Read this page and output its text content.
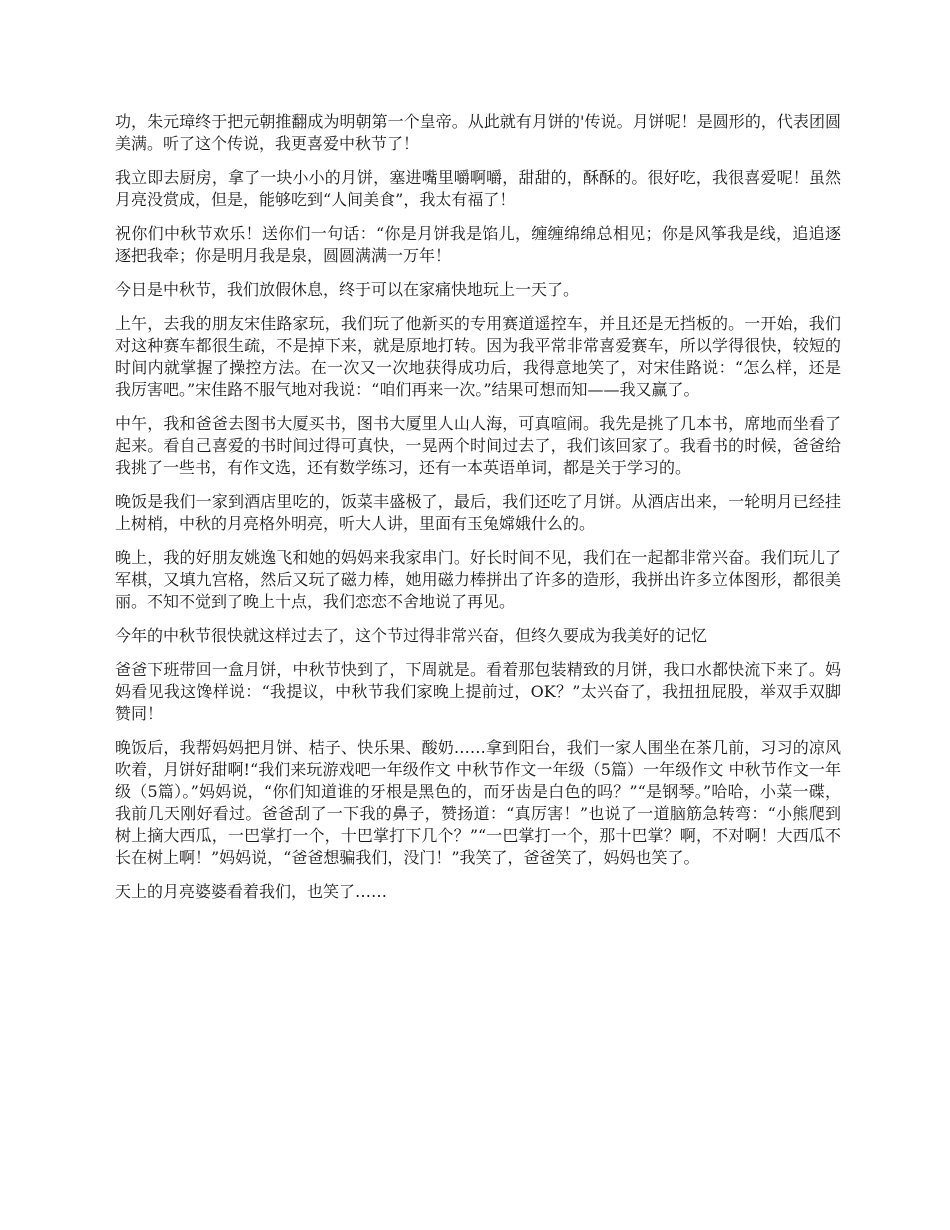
功，朱元璋终于把元朝推翻成为明朝第一个皇帝。从此就有月饼的'传说。月饼呢！是圆形的，代表团圆美满。听了这个传说，我更喜爱中秋节了！

我立即去厨房，拿了一块小小的月饼，塞进嘴里嚼啊嚼，甜甜的，酥酥的。很好吃，我很喜爱呢！虽然月亮没赏成，但是，能够吃到“人间美食”，我太有福了！

祝你们中秋节欢乐！送你们一句话：“你是月饼我是馅儿，缠缠绵绵总相见；你是风筝我是线，追追逐逐把我牵；你是明月我是泉，圆圆满满一万年！

今日是中秋节，我们放假休息，终于可以在家痛快地玩上一天了。

上午，去我的朋友宋佳路家玩，我们玩了他新买的专用赛道遥控车，并且还是无挡板的。一开始，我们对这种赛车都很生疏，不是掉下来，就是原地打转。因为我平常非常喜爱赛车，所以学得很快，较短的时间内就掌握了操控方法。在一次又一次地获得成功后，我得意地笑了，对宋佳路说：“怎么样，还是我厉害吧。”宋佳路不服气地对我说：“咱们再来一次。”结果可想而知——我又赢了。

中午，我和爸爸去图书大厦买书，图书大厦里人山人海，可真喧闹。我先是挑了几本书，席地而坐看了起来。看自己喜爱的书时间过得可真快，一晃两个时间过去了，我们该回家了。我看书的时候，爸爸给我挑了一些书，有作文选，还有数学练习，还有一本英语单词，都是关于学习的。

晚饭是我们一家到酒店里吃的，饭菜丰盛极了，最后，我们还吃了月饼。从酒店出来，一轮明月已经挂上树梢，中秋的月亮格外明亮，听大人讲，里面有玉兔嫦娥什么的。

晚上，我的好朋友姚逸飞和她的妈妈来我家串门。好长时间不见，我们在一起都非常兴奋。我们玩儿了军棋，又填九宫格，然后又玩了磁力棒，她用磁力棒拼出了许多的造形，我拼出许多立体图形，都很美丽。不知不觉到了晚上十点，我们恋恋不舍地说了再见。

今年的中秋节很快就这样过去了，这个节过得非常兴奋，但终久要成为我美好的记忆

爸爸下班带回一盒月饼，中秋节快到了，下周就是。看着那包装精致的月饼，我口水都快流下来了。妈妈看见我这馋样说：“我提议，中秋节我们家晚上提前过，OK？”太兴奋了，我扭扭屁股，举双手双脚赞同！

晚饭后，我帮妈妈把月饼、桔子、快乐果、酸奶……拿到阳台，我们一家人围坐在茶几前，习习的凉风吹着，月饼好甜啊!“我们来玩游戏吧一年级作文 中秋节作文一年级（5篇）一年级作文 中秋节作文一年级（5篇）。”妈妈说，“你们知道谁的牙根是黑色的，而牙齿是白色的吗？”“是钢琴。”哈哈，小菜一碟，我前几天刚好看过。爸爸刮了一下我的鼻子，赞扬道：“真厉害！”也说了一道脑筋急转弯：“小熊爬到树上摘大西瓜，一巴掌打一个，十巴掌打下几个？”“一巴掌打一个，那十巴掌？啊，不对啊！大西瓜不长在树上啊！”妈妈说，“爸爸想骗我们，没门！”我笑了，爸爸笑了，妈妈也笑了。

天上的月亮婆婆看着我们，也笑了……
